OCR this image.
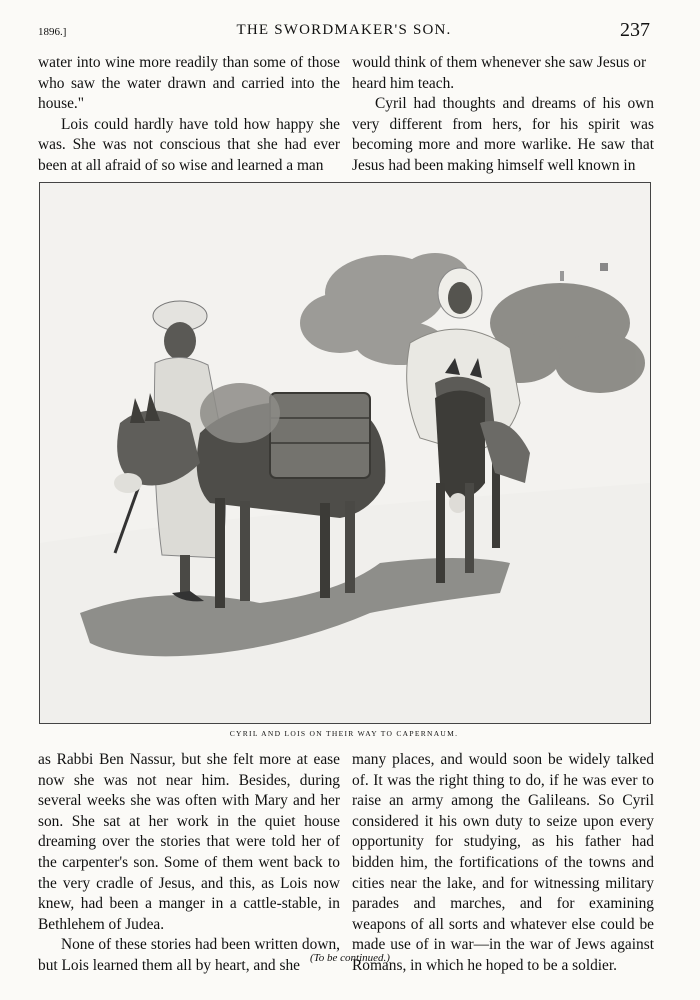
1896.]	THE SWORDMAKER'S SON.	237

water into wine more readily than some of those who saw the water drawn and carried into the house."

Lois could hardly have told how happy she was. She was not conscious that she had ever been at all afraid of so wise and learned a man

would think of them whenever she saw Jesus or heard him teach.

Cyril had thoughts and dreams of his own very different from hers, for his spirit was becoming more and more warlike. He saw that Jesus had been making himself well known in

CYRIL AND LOIS ON THEIR WAY TO CAPERNAUM.

as Rabbi Ben Nassur, but she felt more at ease now she was not near him. Besides, during several weeks she was often with Mary and her son. She sat at her work in the quiet house dreaming over the stories that were told her of the carpenter's son. Some of them went back to the very cradle of Jesus, and this, as Lois now knew, had been a manger in a cattle-stable, in Bethlehem of Judea.

None of these stories had been written down, but Lois learned them all by heart, and she

many places, and would soon be widely talked of. It was the right thing to do, if he was ever to raise an army among the Galileans. So Cyril considered it his own duty to seize upon every opportunity for studying, as his father had bidden him, the fortifications of the towns and cities near the lake, and for witnessing military parades and marches, and for examining weapons of all sorts and whatever else could be made use of in war—in the war of Jews against Romans, in which he hoped to be a soldier.

(To be continued.)
